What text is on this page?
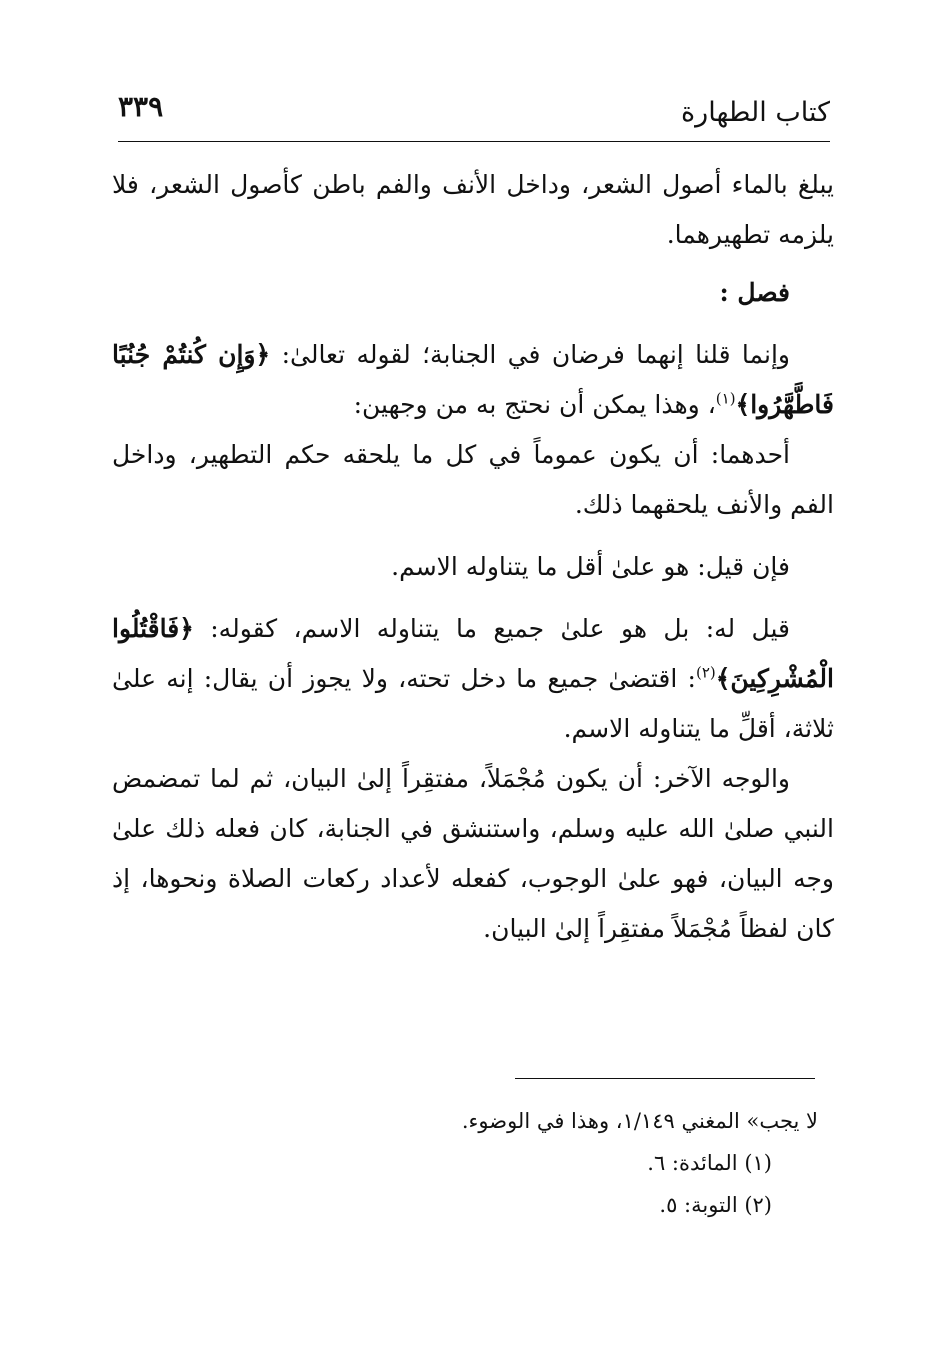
كتاب الطهارة
٣٣٩

يبلغ بالماء أصول الشعر، وداخل الأنف والفم باطن كأصول الشعر، فلا يلزمه تطهيرهما.

فصل :

وإنما قلنا إنهما فرضان في الجنابة؛ لقوله تعالىٰ: ﴿وَإِن كُنتُمْ جُنُبًا فَاطَّهَّرُوا﴾$^{(١)}$، وهذا يمكن أن نحتج به من وجهين:

أحدهما: أن يكون عموماً في كل ما يلحقه حكم التطهير، وداخل الفم والأنف يلحقهما ذلك.

فإن قيل: هو علىٰ أقل ما يتناوله الاسم.

قيل له: بل هو علىٰ جميع ما يتناوله الاسم، كقوله: ﴿فَاقْتُلُوا الْمُشْرِكِينَ﴾$^{(٢)}$: اقتضىٰ جميع ما دخل تحته، ولا يجوز أن يقال: إنه علىٰ ثلاثة، أقلِّ ما يتناوله الاسم.

والوجه الآخر: أن يكون مُجْمَلاً، مفتقِراً إلىٰ البيان، ثم لما تمضمض النبي صلىٰ الله عليه وسلم، واستنشق في الجنابة، كان فعله ذلك علىٰ وجه البيان، فهو علىٰ الوجوب، كفعله لأعداد ركعات الصلاة ونحوها، إذ كان لفظاً مُجْمَلاً مفتقِراً إلىٰ البيان.

لا يجب» المغني ١/١٤٩، وهذا في الوضوء.

(١) المائدة: ٦.

(٢) التوبة: ٥.
